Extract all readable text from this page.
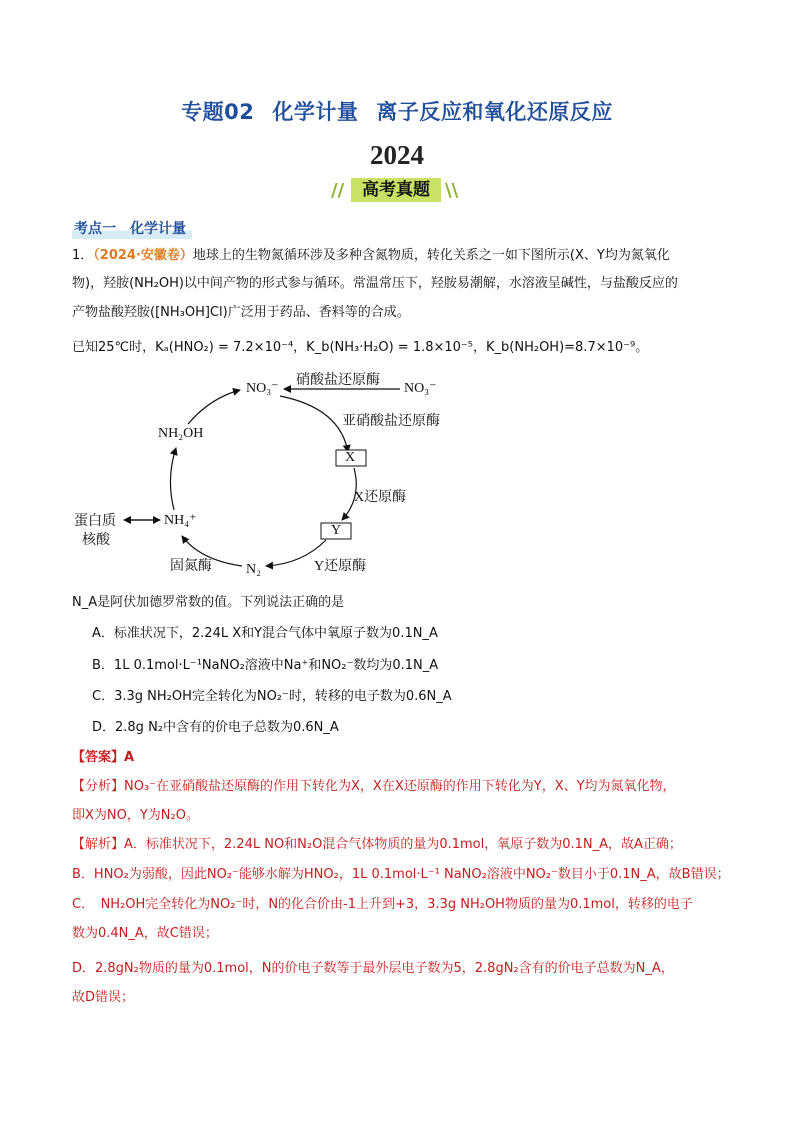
专题02 化学计量 离子反应和氧化还原反应
2024
//	\\
高考真题
考点一　化学计量
1．（2024·安徽卷）地球上的生物氮循环涉及多种含氮物质，转化关系之一如下图所示(X、Y均为氮氧化
物)，羟胺(NH₂OH)以中间产物的形式参与循环。常温常压下，羟胺易潮解，水溶液呈碱性，与盐酸反应的
产物盐酸羟胺([NH₃OH]Cl)广泛用于药品、香料等的合成。
已知25℃时，Kₐ(HNO₂) = 7.2×10⁻⁴，K_b(NH₃·H₂O) = 1.8×10⁻⁵，K_b(NH₂OH)=8.7×10⁻⁹。
NO₃⁻	NO₃⁻
硝酸盐还原酶
亚硝酸盐还原酶
X
X还原酶
Y
Y还原酶
N₂
固氮酶
NH₄⁺
蛋白质
核酸
NH₂OH
N_A是阿伏加德罗常数的值。下列说法正确的是
A．标准状况下，2.24L X和Y混合气体中氧原子数为0.1N_A
B．1L 0.1mol·L⁻¹NaNO₂溶液中Na⁺和NO₂⁻数均为0.1N_A
C．3.3g NH₂OH完全转化为NO₂⁻时，转移的电子数为0.6N_A
D．2.8g N₂中含有的价电子总数为0.6N_A
【答案】A
【分析】NO₃⁻在亚硝酸盐还原酶的作用下转化为X，X在X还原酶的作用下转化为Y，X、Y均为氮氧化物，
即X为NO，Y为N₂O。
【解析】A．标准状况下，2.24L NO和N₂O混合气体物质的量为0.1mol，氧原子数为0.1N_A，故A正确；
B．HNO₂为弱酸，因此NO₂⁻能够水解为HNO₂，1L 0.1mol·L⁻¹ NaNO₂溶液中NO₂⁻数目小于0.1N_A，故B错误；
C．　NH₂OH完全转化为NO₂⁻时，N的化合价由-1上升到+3，3.3g NH₂OH物质的量为0.1mol，转移的电子
数为0.4N_A，故C错误；
D．2.8gN₂物质的量为0.1mol，N的价电子数等于最外层电子数为5，2.8gN₂含有的价电子总数为N_A，
故D错误；
